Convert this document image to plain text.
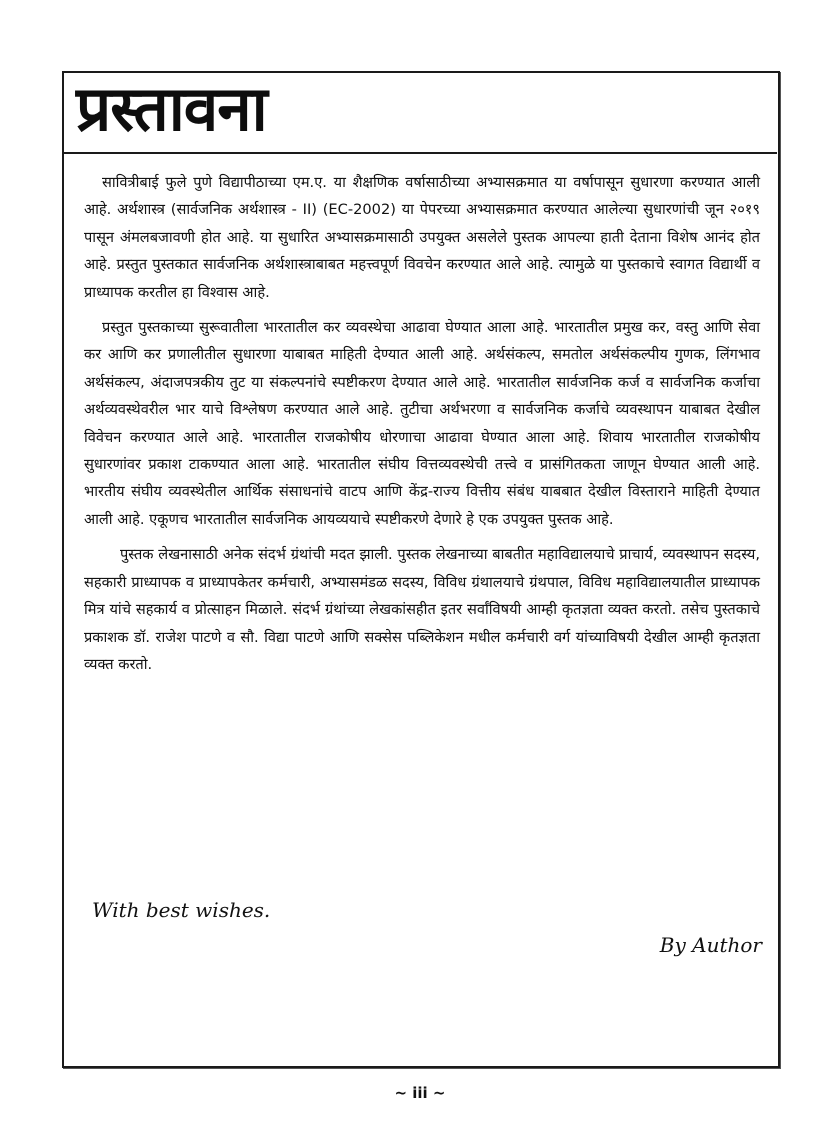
प्रस्तावना

सावित्रीबाई फुले पुणे विद्यापीठाच्या एम.ए. या शैक्षणिक वर्षासाठीच्या अभ्यासक्रमात या वर्षापासून सुधारणा करण्यात आली आहे. अर्थशास्त्र (सार्वजनिक अर्थशास्त्र - II) (EC-2002) या पेपरच्या अभ्यासक्रमात करण्यात आलेल्या सुधारणांची जून २०१९ पासून अंमलबजावणी होत आहे. या सुधारित अभ्यासक्रमासाठी उपयुक्त असलेले पुस्तक आपल्या हाती देताना विशेष आनंद होत आहे. प्रस्तुत पुस्तकात सार्वजनिक अर्थशास्त्राबाबत महत्त्वपूर्ण विवचेन करण्यात आले आहे. त्यामुळे या पुस्तकाचे स्वागत विद्यार्थी व प्राध्यापक करतील हा विश्वास आहे.

प्रस्तुत पुस्तकाच्या सुरूवातीला भारतातील कर व्यवस्थेचा आढावा घेण्यात आला आहे. भारतातील प्रमुख कर, वस्तु आणि सेवा कर आणि कर प्रणालीतील सुधारणा याबाबत माहिती देण्यात आली आहे. अर्थसंकल्प, समतोल अर्थसंकल्पीय गुणक, लिंगभाव अर्थसंकल्प, अंदाजपत्रकीय तुट या संकल्पनांचे स्पष्टीकरण देण्यात आले आहे. भारतातील सार्वजनिक कर्ज व सार्वजनिक कर्जाचा अर्थव्यवस्थेवरील भार याचे विश्लेषण करण्यात आले आहे. तुटीचा अर्थभरणा व सार्वजनिक कर्जाचे व्यवस्थापन याबाबत देखील विवेचन करण्यात आले आहे. भारतातील राजकोषीय धोरणाचा आढावा घेण्यात आला आहे. शिवाय भारतातील राजकोषीय सुधारणांवर प्रकाश टाकण्यात आला आहे. भारतातील संघीय वित्तव्यवस्थेची तत्त्वे व प्रासंगितकता जाणून घेण्यात आली आहे. भारतीय संघीय व्यवस्थेतील आर्थिक संसाधनांचे वाटप आणि केंद्र-राज्य वित्तीय संबंध याबबात देखील विस्ताराने माहिती देण्यात आली आहे. एकूणच भारतातील सार्वजनिक आयव्ययाचे स्पष्टीकरणे देणारे हे एक उपयुक्त पुस्तक आहे.

पुस्तक लेखनासाठी अनेक संदर्भ ग्रंथांची मदत झाली. पुस्तक लेखनाच्या बाबतीत महाविद्यालयाचे प्राचार्य, व्यवस्थापन सदस्य, सहकारी प्राध्यापक व प्राध्यापकेतर कर्मचारी, अभ्यासमंडळ सदस्य, विविध ग्रंथालयाचे ग्रंथपाल, विविध महाविद्यालयातील प्राध्यापक मित्र यांचे सहकार्य व प्रोत्साहन मिळाले. संदर्भ ग्रंथांच्या लेखकांसहीत इतर सर्वांविषयी आम्ही कृतज्ञता व्यक्त करतो. तसेच पुस्तकाचे प्रकाशक डॉ. राजेश पाटणे व सौ. विद्या पाटणे आणि सक्सेस पब्लिकेशन मधील कर्मचारी वर्ग यांच्याविषयी देखील आम्ही कृतज्ञता व्यक्त करतो.

With best wishes.
By Author
~ iii ~
